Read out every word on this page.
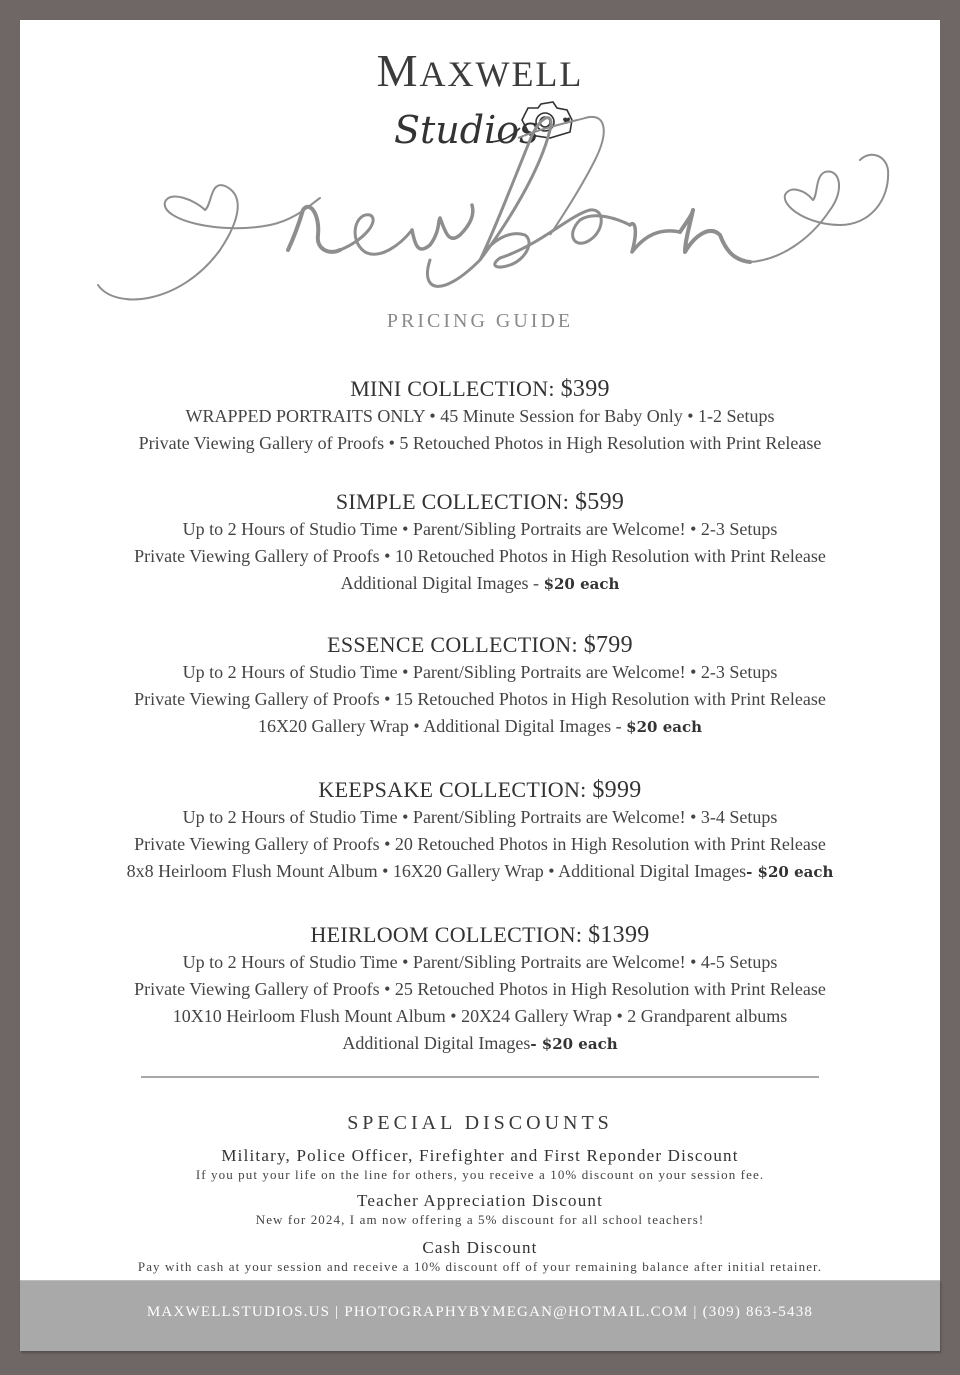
MAXWELL
Studios
PRICING GUIDE
MINI COLLECTION: $399
WRAPPED PORTRAITS ONLY • 45 Minute Session for Baby Only • 1-2 Setups
Private Viewing Gallery of Proofs • 5 Retouched Photos in High Resolution with Print Release
SIMPLE COLLECTION: $599
Up to 2 Hours of Studio Time • Parent/Sibling Portraits are Welcome! • 2-3 Setups
Private Viewing Gallery of Proofs • 10 Retouched Photos in High Resolution with Print Release
Additional Digital Images - $20 each
ESSENCE COLLECTION: $799
Up to 2 Hours of Studio Time • Parent/Sibling Portraits are Welcome! • 2-3 Setups
Private Viewing Gallery of Proofs • 15 Retouched Photos in High Resolution with Print Release
16X20 Gallery Wrap • Additional Digital Images - $20 each
KEEPSAKE COLLECTION: $999
Up to 2 Hours of Studio Time • Parent/Sibling Portraits are Welcome! • 3-4 Setups
Private Viewing Gallery of Proofs • 20 Retouched Photos in High Resolution with Print Release
8x8 Heirloom Flush Mount Album • 16X20 Gallery Wrap • Additional Digital Images- $20 each
HEIRLOOM COLLECTION: $1399
Up to 2 Hours of Studio Time • Parent/Sibling Portraits are Welcome! • 4-5 Setups
Private Viewing Gallery of Proofs • 25 Retouched Photos in High Resolution with Print Release
10X10 Heirloom Flush Mount Album • 20X24 Gallery Wrap • 2 Grandparent albums
Additional Digital Images- $20 each
SPECIAL DISCOUNTS
Military, Police Officer, Firefighter and First Reponder Discount
If you put your life on the line for others, you receive a 10% discount on your session fee.
Teacher Appreciation Discount
New for 2024, I am now offering a 5% discount for all school teachers!
Cash Discount
Pay with cash at your session and receive a 10% discount off of your remaining balance after initial retainer.
MAXWELLSTUDIOS.US | PHOTOGRAPHYBYMEGAN@HOTMAIL.COM | (309) 863-5438
